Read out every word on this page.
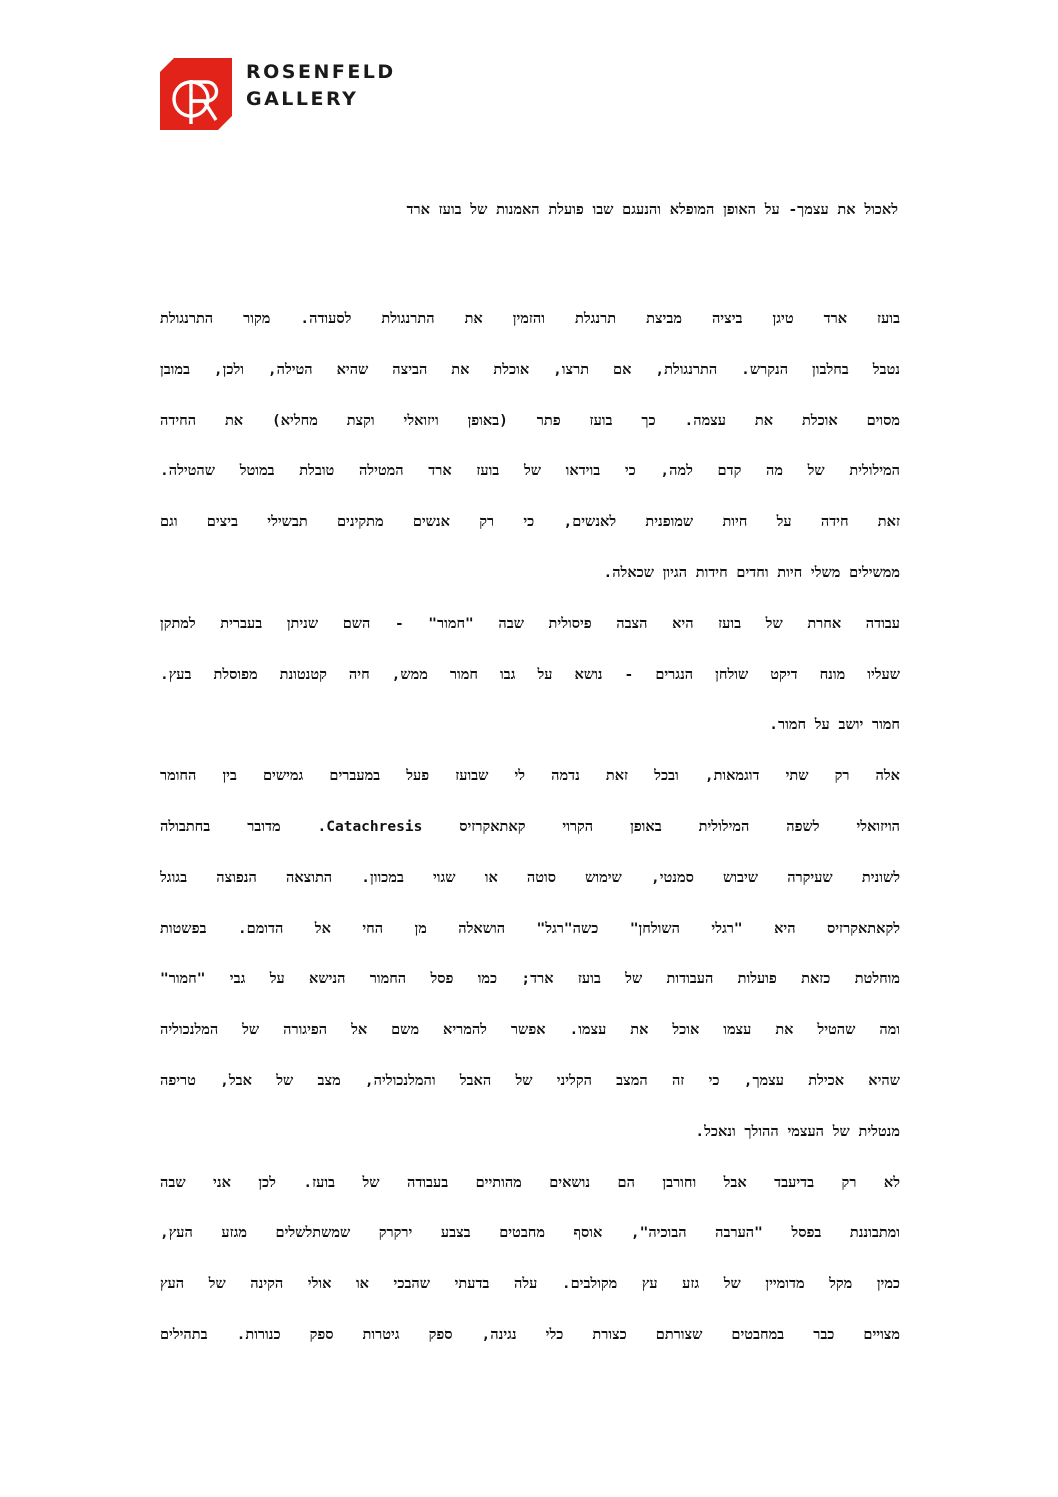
ROSENFELD
GALLERY
לאכול את עצמך- על האופן המופלא והנעגם שבו פועלת האמנות של בועז ארד
בועז ארד טיגן ביציה מביצת תרנגלת והזמין את התרנגולת לסעודה. מקור התרנגולת
נטבל בחלבון הנקרש. התרנגולת, אם תרצו, אוכלת את הביצה שהיא הטילה, ולכן, במובן
מסוים אוכלת את עצמה. כך בועז פתר (באופן ויזואלי וקצת מחליא) את החידה
המילולית של מה קדם למה, כי בוידאו של בועז ארד המטילה טובלת במוטל שהטילה.
זאת חידה על חיות שמופנית לאנשים, כי רק אנשים מתקינים תבשילי ביצים וגם
ממשילים משלי חיות וחדים חידות הגיון שכאלה.
עבודה אחרת של בועז היא הצבה פיסולית שבה "חמור" - השם שניתן בעברית למתקן
שעליו מונח דיקט שולחן הנגרים - נושא על גבו חמור ממש, חיה קטנטונת מפוסלת בעץ.
חמור יושב על חמור.
אלה רק שתי דוגמאות, ובכל זאת נדמה לי שבועז פעל במעברים גמישים בין החומר
הויזואלי לשפה המילולית באופן הקרוי קאתאקרזיס Catachresis. מדובר בחתבולה
לשונית שעיקרה שיבוש סמנטי, שימוש סוטה או שגוי במכוון. התוצאה הנפוצה בגוגל
לקאתאקרזיס היא "רגלי השולחן" כשה"רגל" הושאלה מן החי אל הדומם. בפשטות
מוחלטת כזאת פועלות העבודות של בועז ארד; כמו פסל החמור הנישא על גבי "חמור"
ומה שהטיל את עצמו אוכל את עצמו. אפשר להמריא משם אל הפיגורה של המלנכוליה
שהיא אכילת עצמך, כי זה המצב הקליני של האבל והמלנכוליה, מצב של אבל, טריפה
מנטלית של העצמי ההולך ונאכל.
לא רק בדיעבד אבל וחורבן הם נושאים מהותיים בעבודה של בועז. לכן אני שבה
ומתבוננת בפסל "הערבה הבוכיה", אוסף מחבטים בצבע ירקרק שמשתלשלים מגזע העץ,
כמין מקל מדומיין של גזע עץ מקולבים. עלה בדעתי שהבכי או אולי הקינה של העץ
מצויים כבר במחבטים שצורתם כצורת כלי נגינה, ספק גיטרות ספק כנורות. בתהילים
